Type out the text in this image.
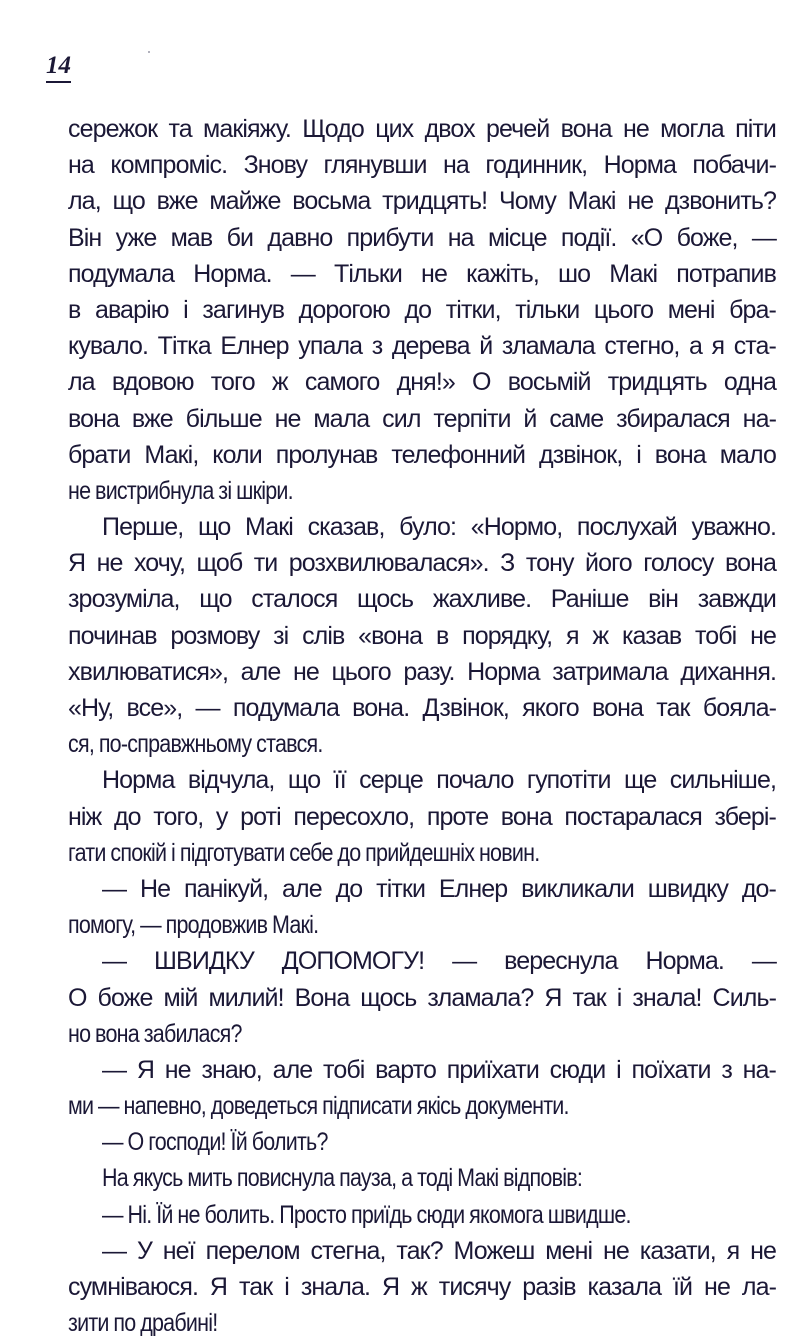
14
сережок та макіяжу. Щодо цих двох речей вона не могла піти
на компроміс. Знову глянувши на годинник, Норма побачи-
ла, що вже майже восьма тридцять! Чому Макі не дзвонить?
Він уже мав би давно прибути на місце події. «О боже, —
подумала Норма. — Тільки не кажіть, шо Макі потрапив
в аварію і загинув дорогою до тітки, тільки цього мені бра-
кувало. Тітка Елнер упала з дерева й зламала стегно, а я ста-
ла вдовою того ж самого дня!» О восьмій тридцять одна
вона вже більше не мала сил терпіти й саме збиралася на-
брати Макі, коли пролунав телефонний дзвінок, і вона мало
не вистрибнула зі шкіри.
Перше, що Макі сказав, було: «Нормо, послухай уважно.
Я не хочу, щоб ти розхвилювалася». З тону його голосу вона
зрозуміла, що сталося щось жахливе. Раніше він завжди
починав розмову зі слів «вона в порядку, я ж казав тобі не
хвилюватися», але не цього разу. Норма затримала дихання.
«Ну, все», — подумала вона. Дзвінок, якого вона так бояла-
ся, по-справжньому стався.
Норма відчула, що її серце почало гупотіти ще сильніше,
ніж до того, у роті пересохло, проте вона постаралася збері-
гати спокій і підготувати себе до прийдешніх новин.
— Не панікуй, але до тітки Елнер викликали швидку до-
помогу, — продовжив Макі.
— ШВИДКУ ДОПОМОГУ! — вереснула Норма. —
О боже мій милий! Вона щось зламала? Я так і знала! Силь-
но вона забилася?
— Я не знаю, але тобі варто приїхати сюди і поїхати з на-
ми — напевно, доведеться підписати якісь документи.
— О господи! Їй болить?
На якусь мить повиснула пауза, а тоді Макі відповів:
— Ні. Їй не болить. Просто приїдь сюди якомога швидше.
— У неї перелом стегна, так? Можеш мені не казати, я не
сумніваюся. Я так і знала. Я ж тисячу разів казала їй не ла-
зити по драбині!
